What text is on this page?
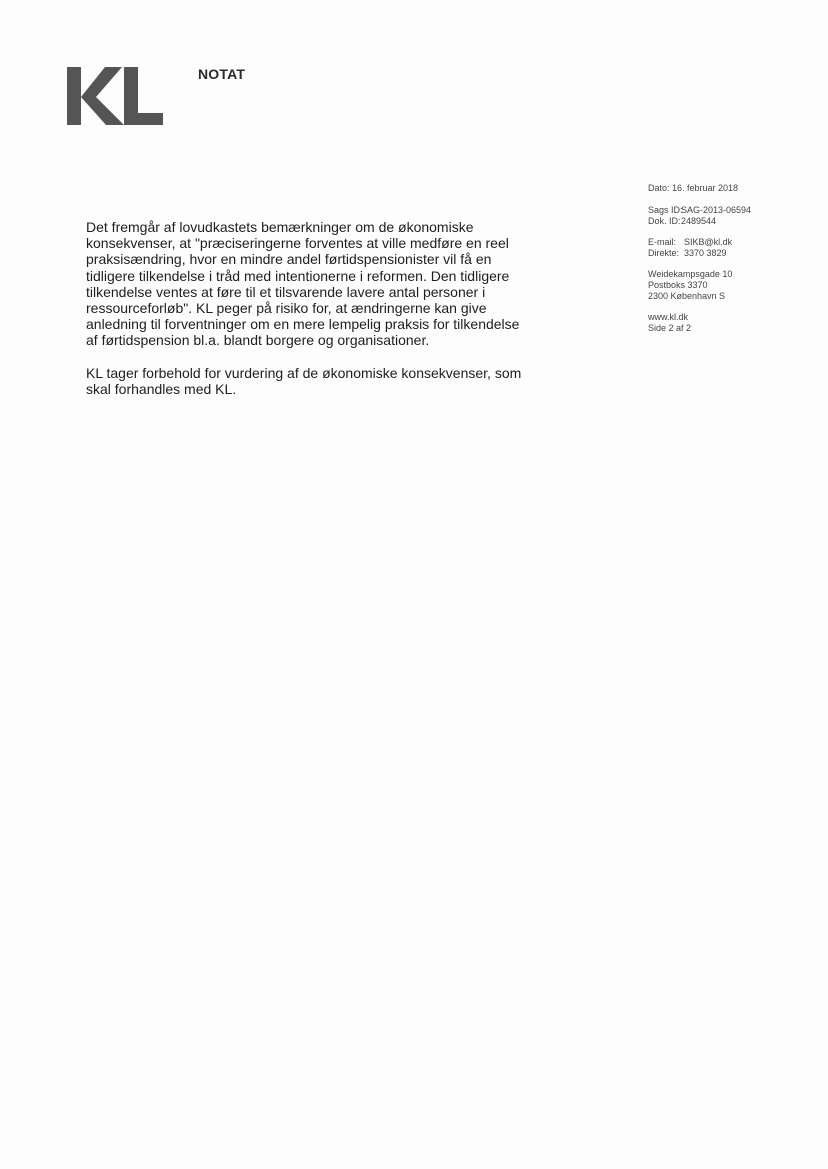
NOTAT
Dato: 16. februar 2018
Sags ID:SAG-2013-06594
Dok. ID:2489544
E-mail: SIKB@kl.dk
Direkte: 3370 3829
Weidekampsgade 10
Postboks 3370
2300 København S
www.kl.dk
Side 2 af 2

Det fremgår af lovudkastets bemærkninger om de økonomiske konsekvenser, at "præciseringerne forventes at ville medføre en reel praksisændring, hvor en mindre andel førtidspensionister vil få en tidligere tilkendelse i tråd med intentionerne i reformen. Den tidligere tilkendelse ventes at føre til et tilsvarende lavere antal personer i ressourceforløb". KL peger på risiko for, at ændringerne kan give anledning til forventninger om en mere lempelig praksis for tilkendelse af førtidspension bl.a. blandt borgere og organisationer.

KL tager forbehold for vurdering af de økonomiske konsekvenser, som skal forhandles med KL.
